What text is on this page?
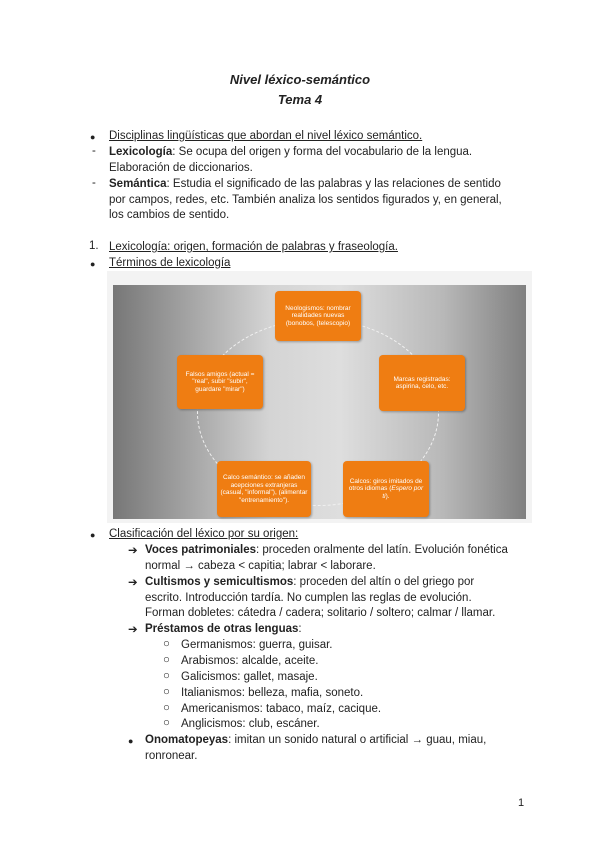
Nivel léxico-semántico
Tema 4
● Disciplinas lingüísticas que abordan el nivel léxico semántico.
- Lexicología: Se ocupa del origen y forma del vocabulario de la lengua.
Elaboración de diccionarios.
- Semántica: Estudia el significado de las palabras y las relaciones de sentido
por campos, redes, etc. También analiza los sentidos figurados y, en general,
los cambios de sentido.
1. Lexicología: origen, formación de palabras y fraseología.
● Términos de lexicología
Neologismos: nombrar realidades nuevas (bonobos, (telescopio)
Marcas registradas: aspirina, celo, etc.
Calcos: giros imitados de otros idiomas (Espero por ti).
Calco semántico: se añaden acepciones extranjeras (casual, "informal"), (alimentar "entrenamiento").
Falsos amigos (actual = "real", subir "subir", guardare "mirar")
● Clasificación del léxico por su origen:
➔ Voces patrimoniales: proceden oralmente del latín. Evolución fonética
normal → cabeza < capitia; labrar < laborare.
➔ Cultismos y semicultismos: proceden del altín o del griego por
escrito. Introducción tardía. No cumplen las reglas de evolución.
Forman dobletes: cátedra / cadera; solitario / soltero; calmar / llamar.
➔ Préstamos de otras lenguas:
○ Germanismos: guerra, guisar.
○ Arabismos: alcalde, aceite.
○ Galicismos: gallet, masaje.
○ Italianismos: belleza, mafia, soneto.
○ Americanismos: tabaco, maíz, cacique.
○ Anglicismos: club, escáner.
● Onomatopeyas: imitan un sonido natural o artificial → guau, miau,
ronronear.
1
